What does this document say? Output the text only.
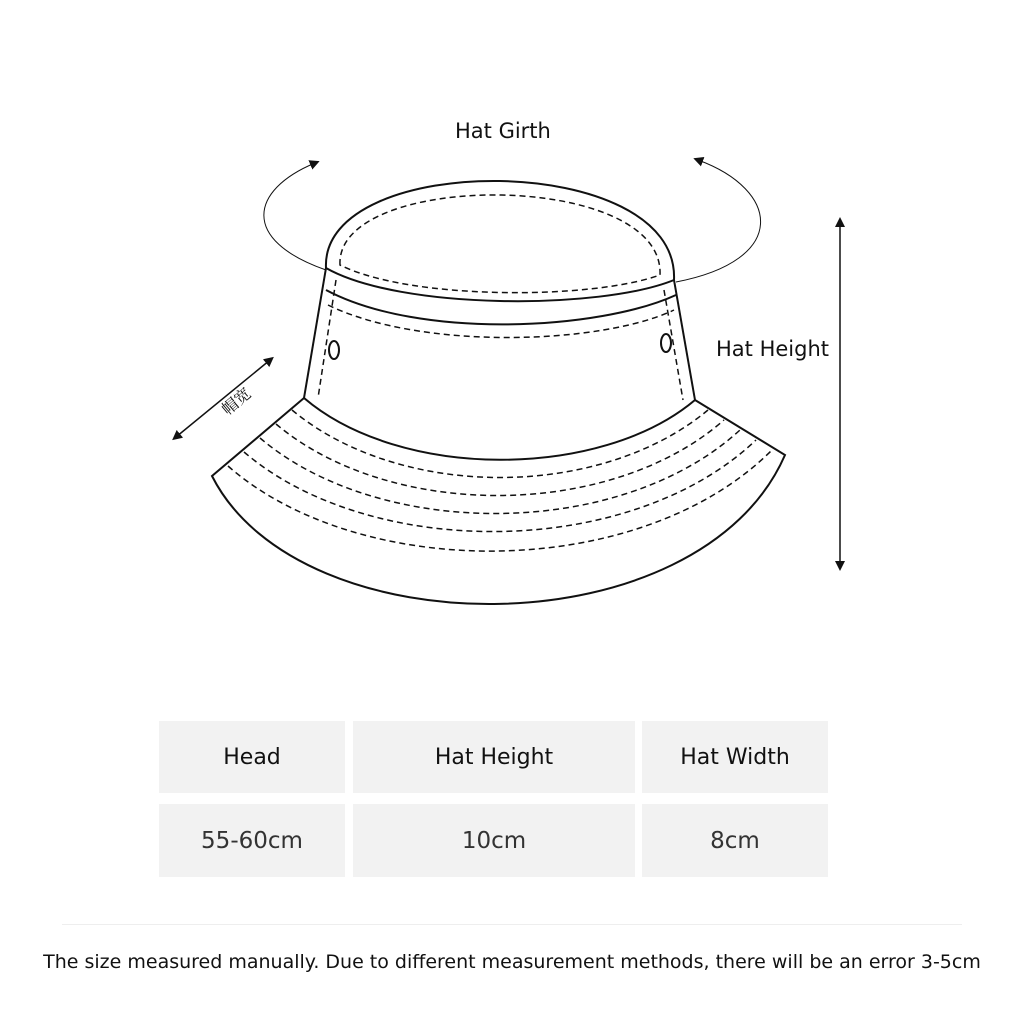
Hat Girth
Hat Height
帽宽
Head	Hat Height	Hat Width
55-60cm	10cm	8cm
The size measured manually. Due to different measurement methods, there will be an error 3-5cm
